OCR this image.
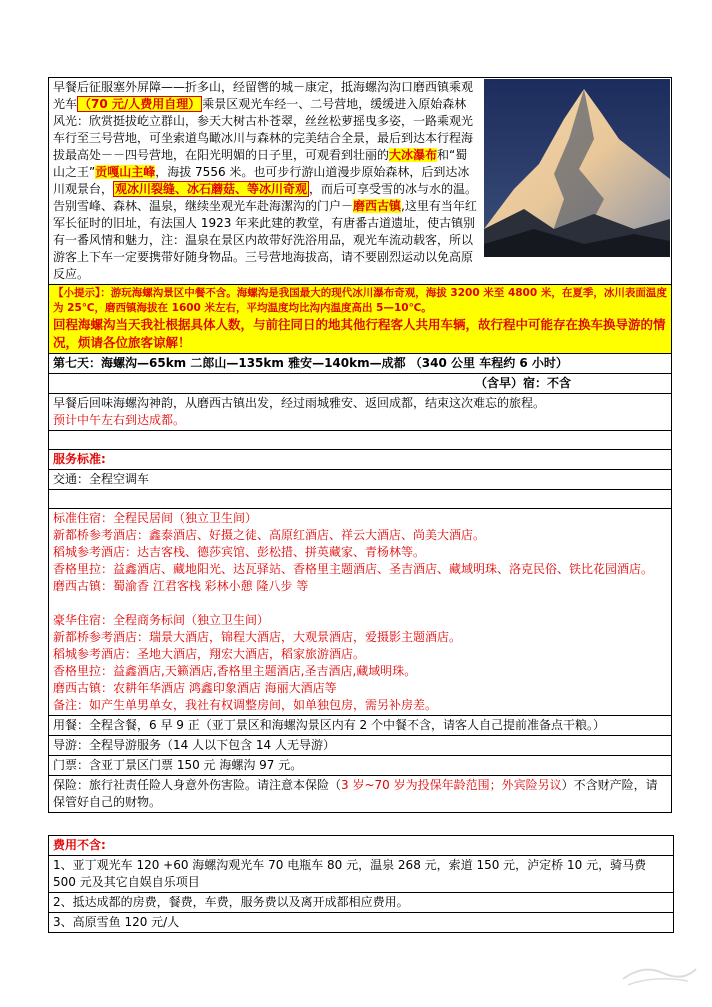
早餐后征服塞外屏障——折多山，经留辔的城－康定，抵海螺沟沟口磨西镇乘观光车 （70 元/人费用自理） 乘景区观光车经一、二号营地，缓缓进入原始森林风光：欣赏挺拔屹立群山，参天大树古朴苍翠，丝丝松萝摇曳多姿，一路乘观光车行至三号营地，可坐索道鸟瞰冰川与森林的完美结合全景，最后到达本行程海拔最高处－－四号营地，在阳光明媚的日子里，可观看到壮丽的大冰瀑布和“蜀山之王”贡嘎山主峰，海拔 7556 米。也可步行游山道漫步原始森林，后到达冰川观景台， 观冰川裂缝、冰石蘑菇、等冰川奇观 ，而后可享受雪的冰与水的温。告别雪峰、森林、温泉，继续坐观光车赴海潔沟的门户－磨西古镇,这里有当年红军长征时的旧址，有法国人 1923 年来此建的教堂，有唐番古道遗址，使古镇别有一番风情和魅力，注：温泉在景区内故带好洗浴用品，观光车流动载客，所以游客上下车一定要携带好随身物品。三号营地海拔高，请不要剧烈运动以免高原反应。

【小提示】：游玩海螺沟景区中餐不含。海螺沟是我国最大的现代冰川瀑布奇观，海拔 3200 米至 4800 米，在夏季，冰川表面温度为 25℃，磨西镇海拔在 1600 米左右，平均温度均比沟内温度高出 5—10℃。
回程海螺沟当天我社根据具体人数，与前往同日的地其他行程客人共用车辆，故行程中可能存在换车换导游的情况，烦请各位旅客谅解！

第七天：海螺沟—65km 二郎山—135km 雅安—140km—成都 （340 公里 车程约 6 小时）
（含早）宿：不含

早餐后回味海螺沟神韵，从磨西古镇出发，经过雨城雅安、返回成都，结束这次难忘的旅程。
预计中午左右到达成都。

服务标准:
交通：全程空调车

标准住宿：全程民居间（独立卫生间）
新都桥参考酒店：鑫泰酒店、好摄之徒、高原红酒店、祥云大酒店、尚美大酒店。
稻城参考酒店：达吉客栈、德莎宾馆、彭松措、拼英藏家、青杨林等。
香格里拉：益鑫酒店、藏地阳光、达瓦驿站、香格里主题酒店、圣吉酒店、藏域明珠、洛克民俗、铁比花园酒店。
磨西古镇：蜀渝香 江君客栈 彩林小憩 隆八步 等
豪华住宿：全程商务标间（独立卫生间）
新都桥参考酒店：瑞景大酒店，锦程大酒店，大观景酒店，爱摄影主题酒店。
稻城参考酒店：圣地大酒店，翔宏大酒店，稻家旅游酒店。
香格里拉：益鑫酒店,天籁酒店,香格里主题酒店,圣吉酒店,藏域明珠。
磨西古镇：农耕年华酒店 鸿鑫印象酒店 海丽大酒店等
备注：如产生单男单女，我社有权调整房间，如单独包房，需另补房差。

用餐：全程含餐，6 早 9 正（亚丁景区和海螺沟景区内有 2 个中餐不含，请客人自己提前准备点干粮。）
导游：全程导游服务（14 人以下包含 14 人无导游）
门票：含亚丁景区门票 150 元 海螺沟 97 元。
保险：旅行社责任险人身意外伤害险。请注意本保险（3 岁~70 岁为投保年龄范围；外宾险另议）不含财产险，请保管好自己的财物。
费用不含:
1、亚丁观光车 120 +60 海螺沟观光车 70 电瓶车 80 元，温泉 268 元，索道 150 元，泸定桥 10 元，骑马费 500 元及其它自娱自乐项目
2、抵达成都的房费，餐费，车费，服务费以及离开成都相应费用。
3、高原雪鱼 120 元/人
